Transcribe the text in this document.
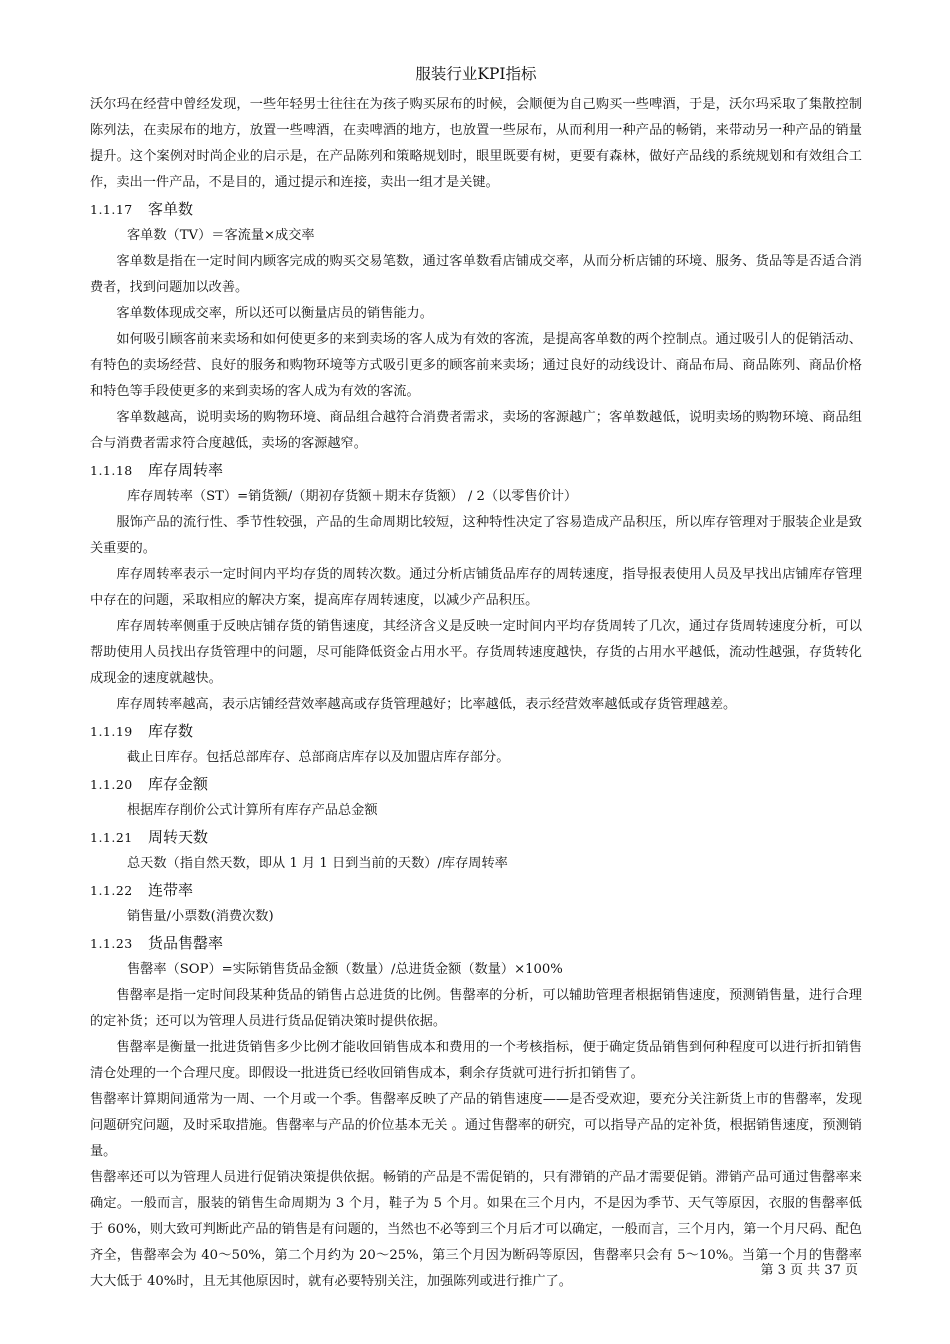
服装行业KPI指标

沃尔玛在经营中曾经发现，一些年轻男士往往在为孩子购买尿布的时候，会顺便为自己购买一些啤酒，于是，沃尔玛采取了集散控制陈列法，在卖尿布的地方，放置一些啤酒，在卖啤酒的地方，也放置一些尿布，从而利用一种产品的畅销，来带动另一种产品的销量提升。这个案例对时尚企业的启示是，在产品陈列和策略规划时，眼里既要有树，更要有森林，做好产品线的系统规划和有效组合工作，卖出一件产品，不是目的，通过提示和连接，卖出一组才是关键。

1.1.17 客单数

客单数（TV）＝客流量×成交率

客单数是指在一定时间内顾客完成的购买交易笔数，通过客单数看店铺成交率，从而分析店铺的环境、服务、货品等是否适合消费者，找到问题加以改善。

客单数体现成交率，所以还可以衡量店员的销售能力。

如何吸引顾客前来卖场和如何使更多的来到卖场的客人成为有效的客流，是提高客单数的两个控制点。通过吸引人的促销活动、有特色的卖场经营、良好的服务和购物环境等方式吸引更多的顾客前来卖场；通过良好的动线设计、商品布局、商品陈列、商品价格和特色等手段使更多的来到卖场的客人成为有效的客流。

客单数越高，说明卖场的购物环境、商品组合越符合消费者需求，卖场的客源越广；客单数越低，说明卖场的购物环境、商品组合与消费者需求符合度越低，卖场的客源越窄。

1.1.18 库存周转率

库存周转率（ST）=销货额/（期初存货额＋期末存货额） / 2（以零售价计）

服饰产品的流行性、季节性较强，产品的生命周期比较短，这种特性决定了容易造成产品积压，所以库存管理对于服装企业是致关重要的。

库存周转率表示一定时间内平均存货的周转次数。通过分析店铺货品库存的周转速度，指导报表使用人员及早找出店铺库存管理中存在的问题，采取相应的解决方案，提高库存周转速度，以减少产品积压。

库存周转率侧重于反映店铺存货的销售速度，其经济含义是反映一定时间内平均存货周转了几次，通过存货周转速度分析，可以帮助使用人员找出存货管理中的问题，尽可能降低资金占用水平。存货周转速度越快，存货的占用水平越低，流动性越强，存货转化成现金的速度就越快。

库存周转率越高，表示店铺经营效率越高或存货管理越好；比率越低，表示经营效率越低或存货管理越差。

1.1.19 库存数

截止日库存。包括总部库存、总部商店库存以及加盟店库存部分。

1.1.20 库存金额

根据库存削价公式计算所有库存产品总金额

1.1.21 周转天数

总天数（指自然天数，即从 1 月 1 日到当前的天数）/库存周转率

1.1.22 连带率

销售量/小票数(消费次数)

1.1.23 货品售罄率

售罄率（SOP）=实际销售货品金额（数量）/总进货金额（数量）×100%

售罄率是指一定时间段某种货品的销售占总进货的比例。售罄率的分析，可以辅助管理者根据销售速度，预测销售量，进行合理的定补货；还可以为管理人员进行货品促销决策时提供依据。

售罄率是衡量一批进货销售多少比例才能收回销售成本和费用的一个考核指标，便于确定货品销售到何种程度可以进行折扣销售清仓处理的一个合理尺度。即假设一批进货已经收回销售成本，剩余存货就可进行折扣销售了。

售罄率计算期间通常为一周、一个月或一个季。售罄率反映了产品的销售速度——是否受欢迎，要充分关注新货上市的售罄率，发现问题研究问题，及时采取措施。售罄率与产品的价位基本无关 。通过售罄率的研究，可以指导产品的定补货，根据销售速度，预测销量。

售罄率还可以为管理人员进行促销决策提供依据。畅销的产品是不需促销的，只有滞销的产品才需要促销。滞销产品可通过售罄率来确定。一般而言，服装的销售生命周期为 3 个月，鞋子为 5 个月。如果在三个月内，不是因为季节、天气等原因，衣服的售罄率低于 60%，则大致可判断此产品的销售是有问题的，当然也不必等到三个月后才可以确定，一般而言，三个月内，第一个月尺码、配色齐全，售罄率会为 40～50%，第二个月约为 20～25%，第三个月因为断码等原因，售罄率只会有 5～10%。当第一个月的售罄率大大低于 40%时，且无其他原因时，就有必要特别关注，加强陈列或进行推广了。

第 3 页 共 37 页
